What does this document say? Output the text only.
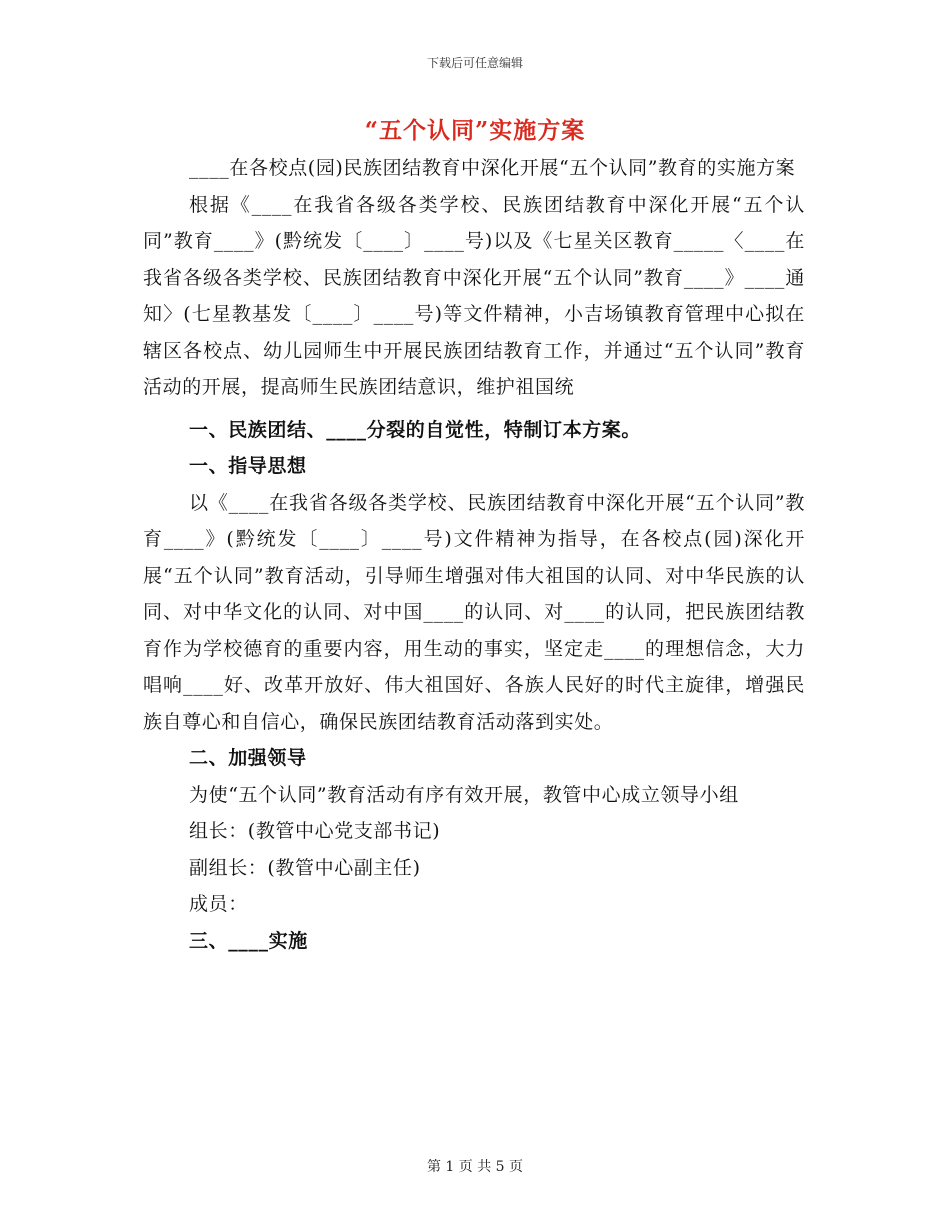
下载后可任意编辑
“五个认同”实施方案

____在各校点(园)民族团结教育中深化开展“五个认同”教育的实施方案

根据《____在我省各级各类学校、民族团结教育中深化开展“五个认同”教育____》(黔统发〔____〕____号)以及《七星关区教育_____〈____在我省各级各类学校、民族团结教育中深化开展“五个认同”教育____》____通知〉(七星教基发〔____〕____号)等文件精神，小吉场镇教育管理中心拟在辖区各校点、幼儿园师生中开展民族团结教育工作，并通过“五个认同”教育活动的开展，提高师生民族团结意识，维护祖国统

一、民族团结、____分裂的自觉性，特制订本方案。

一、指导思想

以《____在我省各级各类学校、民族团结教育中深化开展“五个认同”教育____》(黔统发〔____〕____号)文件精神为指导，在各校点(园)深化开展“五个认同”教育活动，引导师生增强对伟大祖国的认同、对中华民族的认同、对中华文化的认同、对中国____的认同、对____的认同，把民族团结教育作为学校德育的重要内容，用生动的事实，坚定走____的理想信念，大力唱响____好、改革开放好、伟大祖国好、各族人民好的时代主旋律，增强民族自尊心和自信心，确保民族团结教育活动落到实处。

二、加强领导

为使“五个认同”教育活动有序有效开展，教管中心成立领导小组

组长：(教管中心党支部书记)

副组长：(教管中心副主任)

成员：

三、____实施

第 1 页 共 5 页
